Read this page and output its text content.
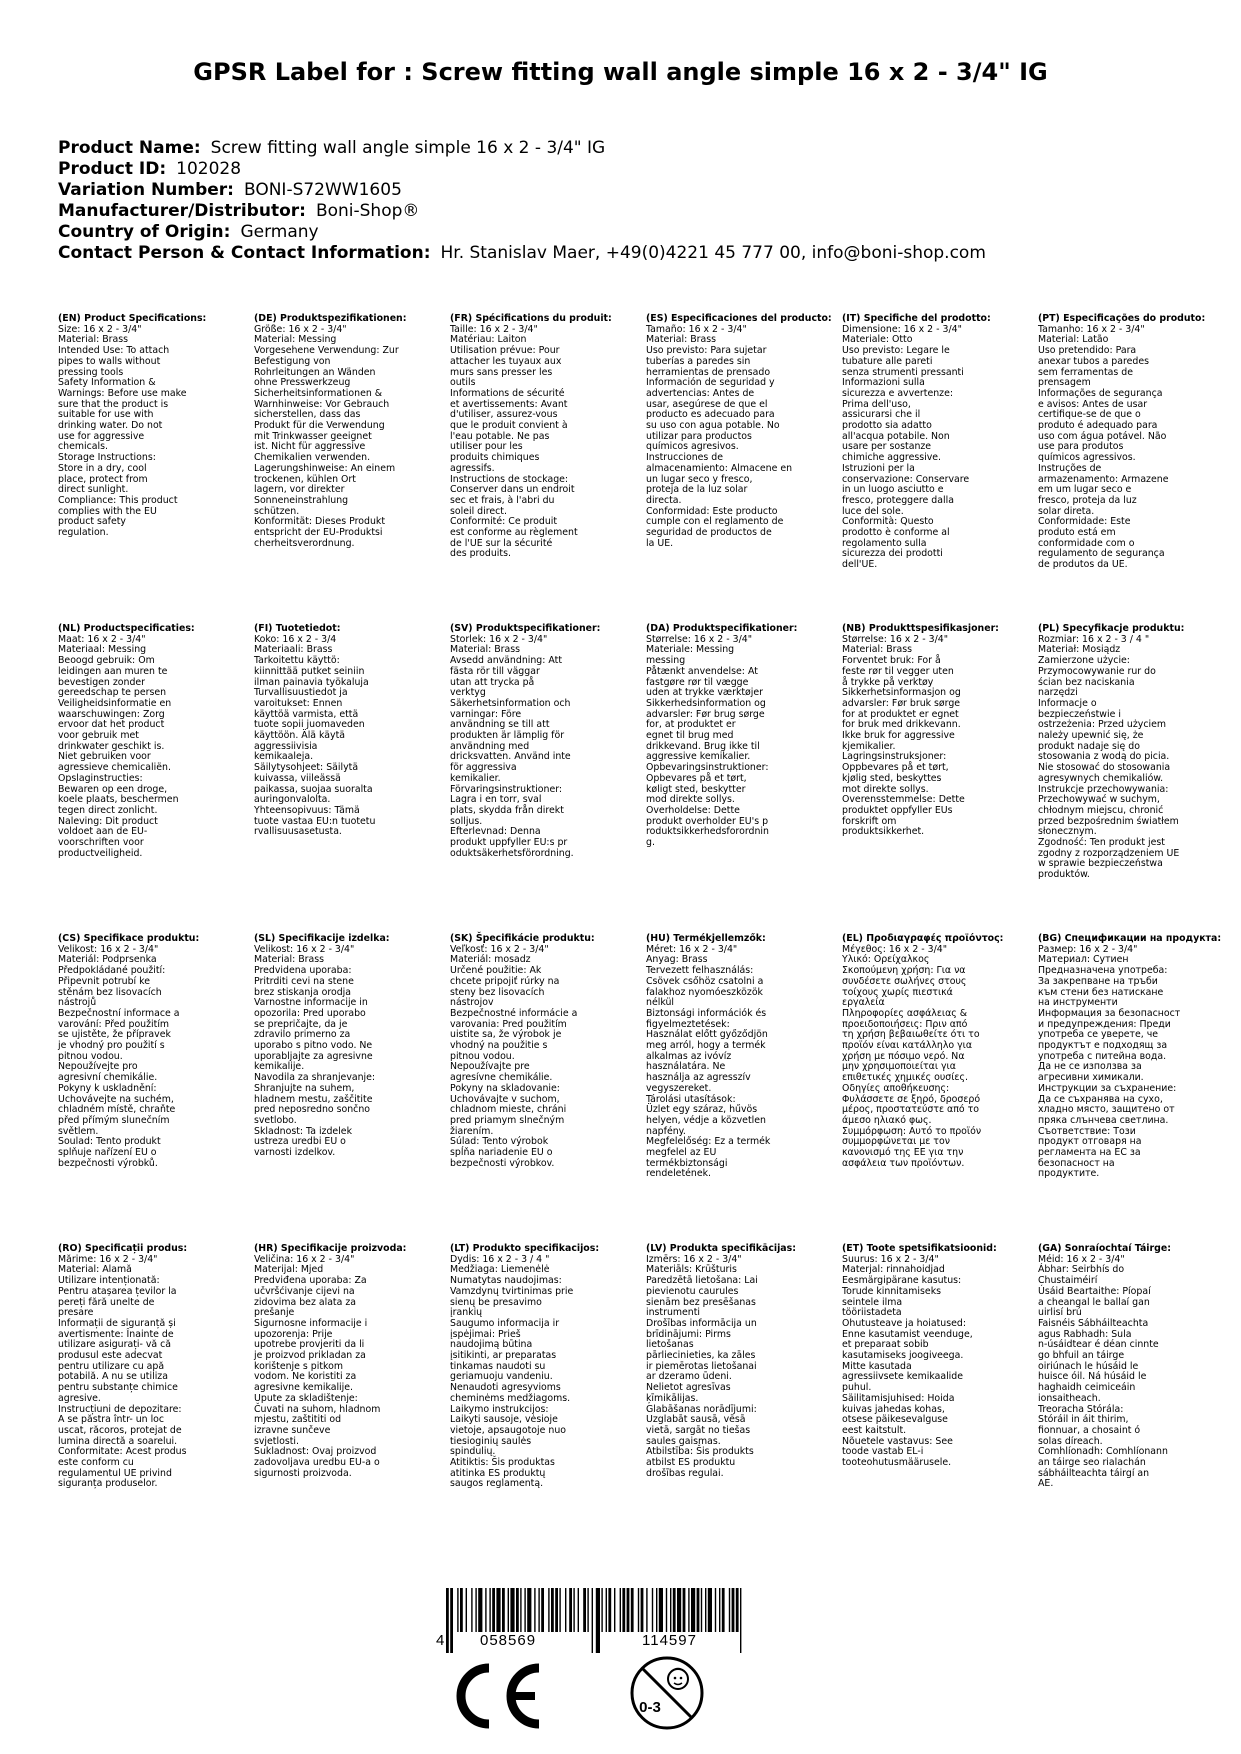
GPSR Label for : Screw fitting wall angle simple 16 x 2 - 3/4" IG
Product Name: Screw fitting wall angle simple 16 x 2 - 3/4" IG
Product ID: 102028
Variation Number: BONI-S72WW1605
Manufacturer/Distributor: Boni-Shop®
Country of Origin: Germany
Contact Person & Contact Information: Hr. Stanislav Maer, +49(0)4221 45 777 00, info@boni-shop.com
(EN) Product Specifications:
Size: 16 x 2 - 3/4"
Material: Brass
Intended Use: To attach
pipes to walls without
pressing tools
Safety Information &
Warnings: Before use make
sure that the product is
suitable for use with
drinking water. Do not
use for aggressive
chemicals.
Storage Instructions:
Store in a dry, cool
place, protect from
direct sunlight.
Compliance: This product
complies with the EU
product safety
regulation.
(DE) Produktspezifikationen:
Größe: 16 x 2 - 3/4"
Material: Messing
Vorgesehene Verwendung: Zur
Befestigung von
Rohrleitungen an Wänden
ohne Presswerkzeug
Sicherheitsinformationen &
Warnhinweise: Vor Gebrauch
sicherstellen, dass das
Produkt für die Verwendung
mit Trinkwasser geeignet
ist. Nicht für aggressive
Chemikalien verwenden.
Lagerungshinweise: An einem
trockenen, kühlen Ort
lagern, vor direkter
Sonneneinstrahlung
schützen.
Konformität: Dieses Produkt
entspricht der EU-Produktsi
cherheitsverordnung.
(FR) Spécifications du produit:
Taille: 16 x 2 - 3/4"
Matériau: Laiton
Utilisation prévue: Pour
attacher les tuyaux aux
murs sans presser les
outils
Informations de sécurité
et avertissements: Avant
d'utiliser, assurez-vous
que le produit convient à
l'eau potable. Ne pas
utiliser pour les
produits chimiques
agressifs.
Instructions de stockage:
Conserver dans un endroit
sec et frais, à l'abri du
soleil direct.
Conformité: Ce produit
est conforme au règlement
de l'UE sur la sécurité
des produits.
(ES) Especificaciones del producto:
Tamaño: 16 x 2 - 3/4"
Material: Brass
Uso previsto: Para sujetar
tuberías a paredes sin
herramientas de prensado
Información de seguridad y
advertencias: Antes de
usar, asegúrese de que el
producto es adecuado para
su uso con agua potable. No
utilizar para productos
químicos agresivos.
Instrucciones de
almacenamiento: Almacene en
un lugar seco y fresco,
proteja de la luz solar
directa.
Conformidad: Este producto
cumple con el reglamento de
seguridad de productos de
la UE.
(IT) Specifiche del prodotto:
Dimensione: 16 x 2 - 3/4"
Materiale: Otto
Uso previsto: Legare le
tubature alle pareti
senza strumenti pressanti
Informazioni sulla
sicurezza e avvertenze:
Prima dell'uso,
assicurarsi che il
prodotto sia adatto
all'acqua potabile. Non
usare per sostanze
chimiche aggressive.
Istruzioni per la
conservazione: Conservare
in un luogo asciutto e
fresco, proteggere dalla
luce del sole.
Conformità: Questo
prodotto è conforme al
regolamento sulla
sicurezza dei prodotti
dell'UE.
(PT) Especificações do produto:
Tamanho: 16 x 2 - 3/4"
Material: Latão
Uso pretendido: Para
anexar tubos a paredes
sem ferramentas de
prensagem
Informações de segurança
e avisos: Antes de usar
certifique-se de que o
produto é adequado para
uso com água potável. Não
use para produtos
químicos agressivos.
Instruções de
armazenamento: Armazene
em um lugar seco e
fresco, proteja da luz
solar direta.
Conformidade: Este
produto está em
conformidade com o
regulamento de segurança
de produtos da UE.
(NL) Productspecificaties:
Maat: 16 x 2 - 3/4"
Materiaal: Messing
Beoogd gebruik: Om
leidingen aan muren te
bevestigen zonder
gereedschap te persen
Veiligheidsinformatie en
waarschuwingen: Zorg
ervoor dat het product
voor gebruik met
drinkwater geschikt is.
Niet gebruiken voor
agressieve chemicaliën.
Opslaginstructies:
Bewaren op een droge,
koele plaats, beschermen
tegen direct zonlicht.
Naleving: Dit product
voldoet aan de EU-
voorschriften voor
productveiligheid.
(FI) Tuotetiedot:
Koko: 16 x 2 - 3/4
Materiaali: Brass
Tarkoitettu käyttö:
kiinnittää putket seiniin
ilman painavia työkaluja
Turvallisuustiedot ja
varoitukset: Ennen
käyttöä varmista, että
tuote sopii juomaveden
käyttöön. Älä käytä
aggressiivisia
kemikaaleja.
Säilytysohjeet: Säilytä
kuivassa, viileässä
paikassa, suojaa suoralta
auringonvalolta.
Yhteensopivuus: Tämä
tuote vastaa EU:n tuotetu
rvallisuusasetusta.
(SV) Produktspecifikationer:
Storlek: 16 x 2 - 3/4"
Material: Brass
Avsedd användning: Att
fästa rör till väggar
utan att trycka på
verktyg
Säkerhetsinformation och
varningar: Före
användning se till att
produkten är lämplig för
användning med
dricksvatten. Använd inte
för aggressiva
kemikalier.
Förvaringsinstruktioner:
Lagra i en torr, sval
plats, skydda från direkt
solljus.
Efterlevnad: Denna
produkt uppfyller EU:s pr
oduktsäkerhetsförordning.
(DA) Produktspecifikationer:
Størrelse: 16 x 2 - 3/4"
Materiale: Messing
messing
Påtænkt anvendelse: At
fastgøre rør til vægge
uden at trykke værktøjer
Sikkerhedsinformation og
advarsler: Før brug sørge
for, at produktet er
egnet til brug med
drikkevand. Brug ikke til
aggressive kemikalier.
Opbevaringsinstruktioner:
Opbevares på et tørt,
køligt sted, beskytter
mod direkte sollys.
Overholdelse: Dette
produkt overholder EU's p
roduktsikkerhedsforordnin
g.
(NB) Produkttspesifikasjoner:
Størrelse: 16 x 2 - 3/4"
Material: Brass
Forventet bruk: For å
feste rør til vegger uten
å trykke på verktøy
Sikkerhetsinformasjon og
advarsler: Før bruk sørge
for at produktet er egnet
for bruk med drikkevann.
Ikke bruk for aggressive
kjemikalier.
Lagringsinstruksjoner:
Oppbevares på et tørt,
kjølig sted, beskyttes
mot direkte sollys.
Overensstemmelse: Dette
produktet oppfyller EUs
forskrift om
produktsikkerhet.
(PL) Specyfikacje produktu:
Rozmiar: 16 x 2 - 3 / 4 "
Materiał: Mosiądz
Zamierzone użycie:
Przymocowywanie rur do
ścian bez naciskania
narzędzi
Informacje o
bezpieczeństwie i
ostrzeżenia: Przed użyciem
należy upewnić się, że
produkt nadaje się do
stosowania z wodą do picia.
Nie stosować do stosowania
agresywnych chemikaliów.
Instrukcje przechowywania:
Przechowywać w suchym,
chłodnym miejscu, chronić
przed bezpośrednim światłem
słonecznym.
Zgodność: Ten produkt jest
zgodny z rozporządzeniem UE
w sprawie bezpieczeństwa
produktów.
(CS) Specifikace produktu:
Velikost: 16 x 2 - 3/4"
Materiál: Podprsenka
Předpokládané použití:
Připevnit potrubí ke
stěnám bez lisovacích
nástrojů
Bezpečnostní informace a
varování: Před použitím
se ujistěte, že přípravek
je vhodný pro použití s
pitnou vodou.
Nepoužívejte pro
agresivní chemikálie.
Pokyny k uskladnění:
Uchovávejte na suchém,
chladném místě, chraňte
před přímým slunečním
světlem.
Soulad: Tento produkt
splňuje nařízení EU o
bezpečnosti výrobků.
(SL) Specifikacije izdelka:
Velikost: 16 x 2 - 3/4"
Material: Brass
Predvidena uporaba:
Pritrditi cevi na stene
brez stiskanja orodja
Varnostne informacije in
opozorila: Pred uporabo
se prepričajte, da je
zdravilo primerno za
uporabo s pitno vodo. Ne
uporabljajte za agresivne
kemikalije.
Navodila za shranjevanje:
Shranjujte na suhem,
hladnem mestu, zaščitite
pred neposredno sončno
svetlobo.
Skladnost: Ta izdelek
ustreza uredbi EU o
varnosti izdelkov.
(SK) Špecifikácie produktu:
Veľkosť: 16 x 2 - 3/4"
Materiál: mosadz
Určené použitie: Ak
chcete pripojiť rúrky na
steny bez lisovacích
nástrojov
Bezpečnostné informácie a
varovania: Pred použitím
uistite sa, že výrobok je
vhodný na použitie s
pitnou vodou.
Nepoužívajte pre
agresívne chemikálie.
Pokyny na skladovanie:
Uchovávajte v suchom,
chladnom mieste, chráni
pred priamym slnečným
žiarením.
Súlad: Tento výrobok
spĺňa nariadenie EU o
bezpečnosti výrobkov.
(HU) Termékjellemzők:
Méret: 16 x 2 - 3/4"
Anyag: Brass
Tervezett felhasználás:
Csövek csőhöz csatolni a
falakhoz nyomóeszközök
nélkül
Biztonsági információk és
figyelmeztetések:
Használat előtt győződjön
meg arról, hogy a termék
alkalmas az ivóvíz
használatára. Ne
használja az agresszív
vegyszereket.
Tárolási utasítások:
Üzlet egy száraz, hűvös
helyen, védje a közvetlen
napfény.
Megfelelőség: Ez a termék
megfelel az EU
termékbiztonsági
rendeletének.
(EL) Προδιαγραφές προϊόντος:
Μέγεθος: 16 x 2 - 3/4"
Υλικό: Ορείχαλκος
Σκοπούμενη χρήση: Για να
συνδέσετε σωλήνες στους
τοίχους χωρίς πιεστικά
εργαλεία
Πληροφορίες ασφάλειας &
προειδοποιήσεις: Πριν από
τη χρήση βεβαιωθείτε ότι το
προϊόν είναι κατάλληλο για
χρήση με πόσιμο νερό. Να
μην χρησιμοποιείται για
επιθετικές χημικές ουσίες.
Οδηγίες αποθήκευσης:
Φυλάσσετε σε ξηρό, δροσερό
μέρος, προστατεύστε από το
άμεσο ηλιακό φως.
Συμμόρφωση: Αυτό το προϊόν
συμμορφώνεται με τον
κανονισμό της ΕΕ για την
ασφάλεια των προϊόντων.
(BG) Спецификации на продукта:
Размер: 16 x 2 - 3/4"
Материал: Сутиен
Предназначена употреба:
За закрепване на тръби
към стени без натискане
на инструменти
Информация за безопасност
и предупреждения: Преди
употреба се уверете, че
продуктът е подходящ за
употреба с питейна вода.
Да не се използва за
агресивни химикали.
Инструкции за съхранение:
Да се съхранява на сухо,
хладно място, защитено от
пряка слънчева светлина.
Съответствие: Този
продукт отговаря на
регламента на ЕС за
безопасност на
продуктите.
(RO) Specificații produs:
Mărime: 16 x 2 - 3/4"
Material: Alamă
Utilizare intenționată:
Pentru atașarea țevilor la
pereți fără unelte de
presare
Informații de siguranță și
avertismente: Înainte de
utilizare asigurați- vă că
produsul este adecvat
pentru utilizare cu apă
potabilă. A nu se utiliza
pentru substanțe chimice
agresive.
Instrucțiuni de depozitare:
A se păstra într- un loc
uscat, răcoros, protejat de
lumina directă a soarelui.
Conformitate: Acest produs
este conform cu
regulamentul UE privind
siguranța produselor.
(HR) Specifikacije proizvoda:
Veličina: 16 x 2 - 3/4"
Materijal: Mjed
Predviđena uporaba: Za
učvršćivanje cijevi na
zidovima bez alata za
prešanje
Sigurnosne informacije i
upozorenja: Prije
upotrebe provjeriti da li
je proizvod prikladan za
korištenje s pitkom
vodom. Ne koristiti za
agresivne kemikalije.
Upute za skladištenje:
Čuvati na suhom, hladnom
mjestu, zaštititi od
izravne sunčeve
svjetlosti.
Sukladnost: Ovaj proizvod
zadovoljava uredbu EU-a o
sigurnosti proizvoda.
(LT) Produkto specifikacijos:
Dydis: 16 x 2 - 3 / 4 "
Medžiaga: Liemenėlė
Numatytas naudojimas:
Vamzdynų tvirtinimas prie
sienų be presavimo
įrankių
Saugumo informacija ir
įspėjimai: Prieš
naudojimą būtina
įsitikinti, ar preparatas
tinkamas naudoti su
geriamuoju vandeniu.
Nenaudoti agresyvioms
cheminėms medžiagoms.
Laikymo instrukcijos:
Laikyti sausoje, vėsioje
vietoje, apsaugotoje nuo
tiesioginių saulės
spindulių.
Atitiktis: Šis produktas
atitinka ES produktų
saugos reglamentą.
(LV) Produkta specifikācijas:
Izmērs: 16 x 2 - 3/4"
Materiāls: Krūšturis
Paredzētā lietošana: Lai
pievienotu caurules
sienām bez presēšanas
instrumenti
Drošības informācija un
brīdinājumi: Pirms
lietošanas
pārliecinieties, ka zāles
ir piemērotas lietošanai
ar dzeramo ūdeni.
Nelietot agresīvas
ķīmikālijas.
Glabāšanas norādījumi:
Uzglabāt sausā, vēsā
vietā, sargāt no tiešas
saules gaismas.
Atbilstība: Šis produkts
atbilst ES produktu
drošības regulai.
(ET) Toote spetsifikatsioonid:
Suurus: 16 x 2 - 3/4"
Materjal: rinnahoidjad
Eesmärgipärane kasutus:
Torude kinnitamiseks
seintele ilma
tööriistadeta
Ohutusteave ja hoiatused:
Enne kasutamist veenduge,
et preparaat sobib
kasutamiseks joogiveega.
Mitte kasutada
agressiivsete kemikaalide
puhul.
Säilitamisjuhised: Hoida
kuivas jahedas kohas,
otsese päikesevalguse
eest kaitstult.
Nõuetele vastavus: See
toode vastab EL-i
tooteohutusmäärusele.
(GA) Sonraíochtaí Táirge:
Méid: 16 x 2 - 3/4"
Ábhar: Seirbhís do
Chustaiméirí
Úsáid Beartaithe: Píopaí
a cheangal le ballaí gan
uirlisí brú
Faisnéis Sábháilteachta
agus Rabhadh: Sula
n-úsáidtear é déan cinnte
go bhfuil an táirge
oiriúnach le húsáid le
huisce óil. Ná húsáid le
haghaidh ceimiceáin
ionsaitheach.
Treoracha Stórála:
Stóráil in áit thirim,
fionnuar, a chosaint ó
solas díreach.
Comhlíonadh: Comhlíonann
an táirge seo rialachán
sábháilteachta táirgí an
AE.
4 058569	114597
0-3
